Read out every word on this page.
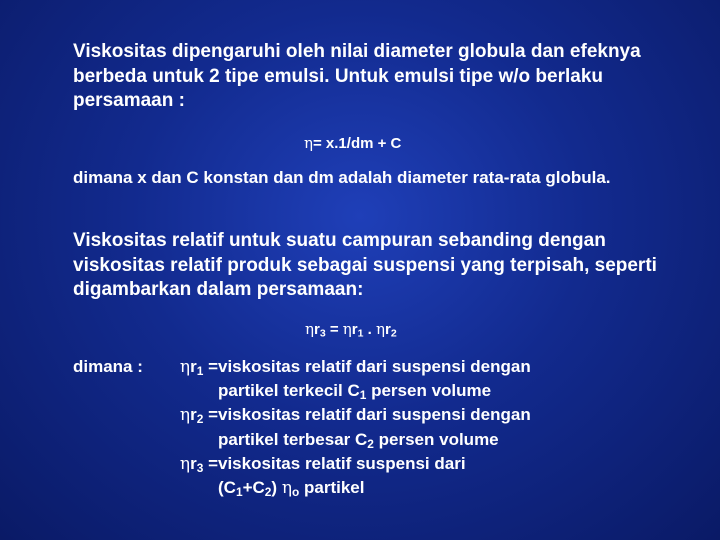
Viskositas dipengaruhi oleh nilai diameter globula dan efeknya berbeda untuk 2 tipe emulsi. Untuk emulsi tipe w/o berlaku persamaan :

η= x.1/dm + C

dimana x dan C konstan dan dm adalah diameter rata-rata globula.

Viskositas relatif untuk suatu campuran sebanding dengan viskositas relatif produk sebagai suspensi yang terpisah, seperti digambarkan dalam persamaan:

$\eta r_3 = \eta r_1$ . $\eta r_2$

dimana :	$\eta r_1$ = viskositas relatif dari suspensi dengan
partikel terkecil $C_1$ persen volume
$\eta r_2$ = viskositas relatif dari suspensi dengan
partikel terbesar $C_2$ persen volume
$\eta r_3$ = viskositas relatif suspensi dari
$(C_1+C_2)$ $\eta_o$ partikel
